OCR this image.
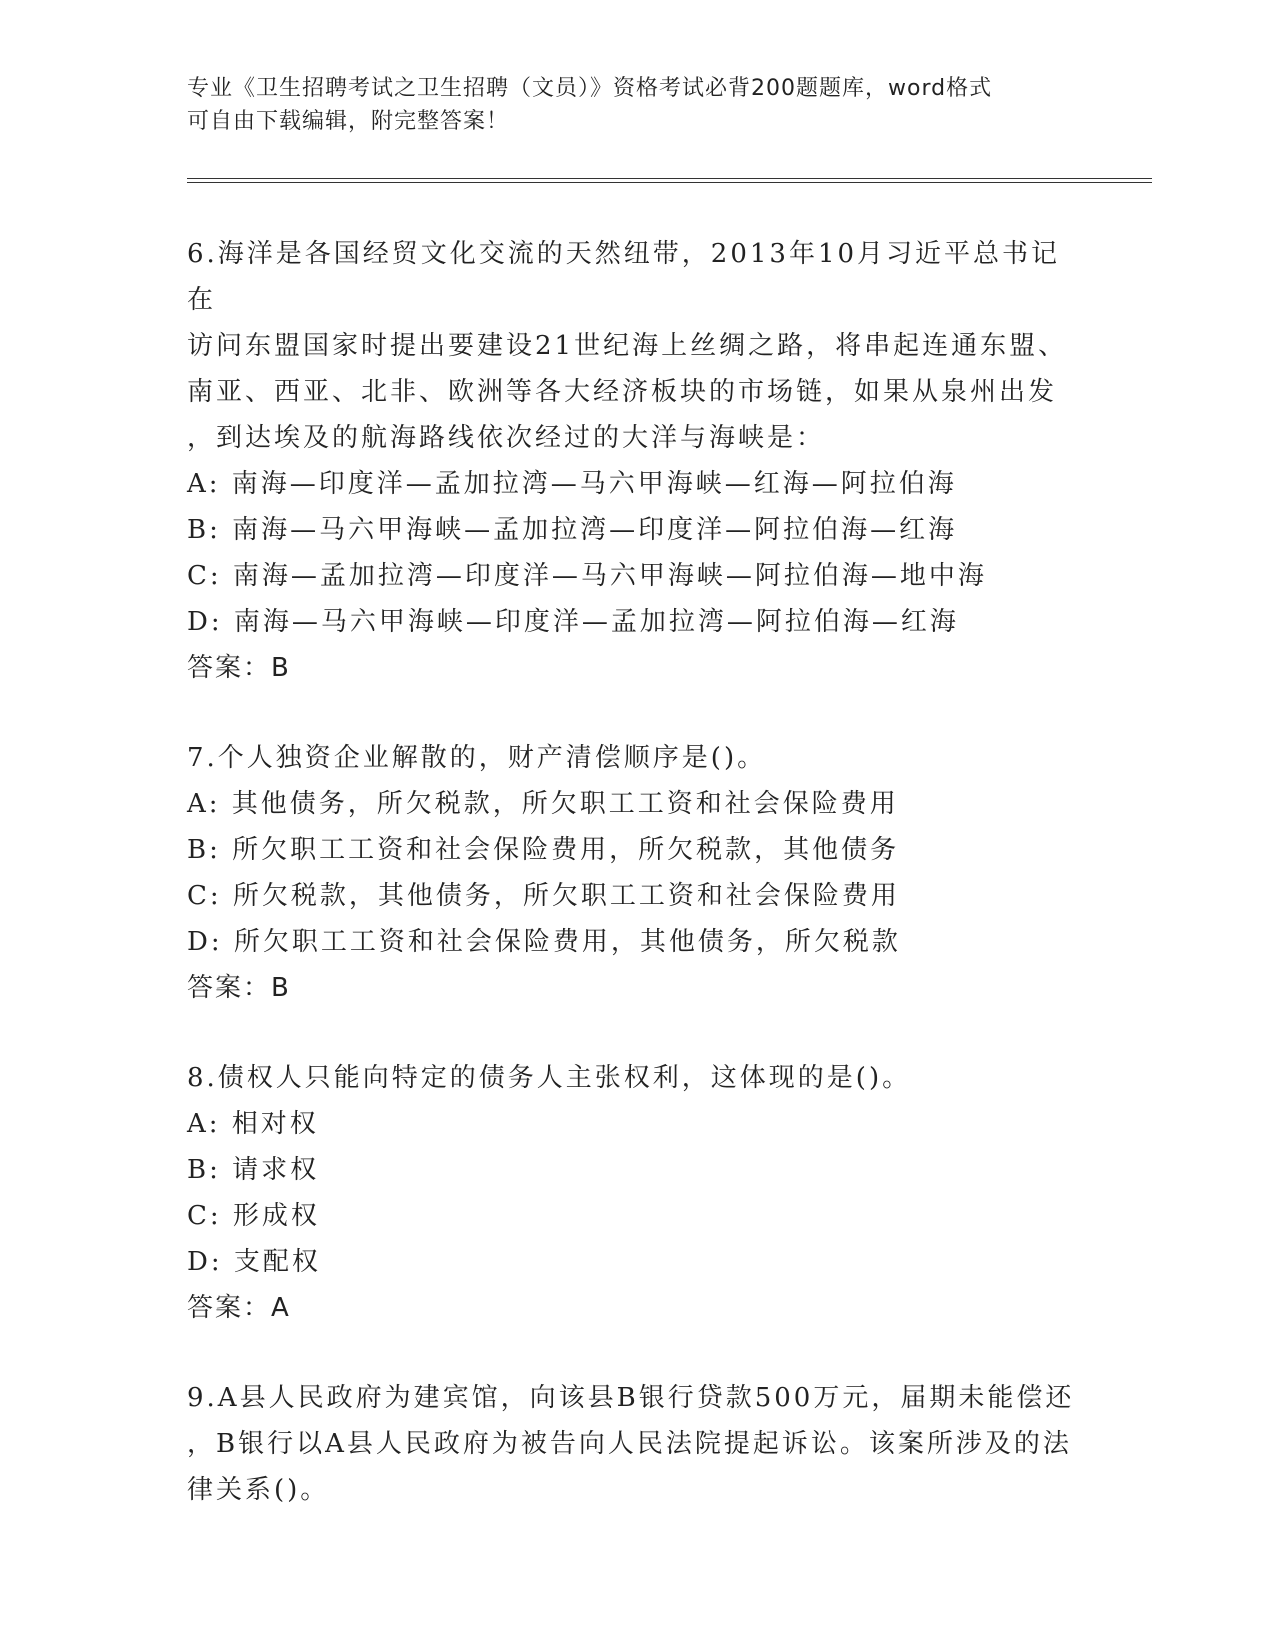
专业《卫生招聘考试之卫生招聘（文员）》资格考试必背200题题库，word格式
可自由下载编辑，附完整答案！
6.海洋是各国经贸文化交流的天然纽带，2013年10月习近平总书记在
访问东盟国家时提出要建设21世纪海上丝绸之路，将串起连通东盟、
南亚、西亚、北非、欧洲等各大经济板块的市场链，如果从泉州出发
，到达埃及的航海路线依次经过的大洋与海峡是：
A: 南海—印度洋—孟加拉湾—马六甲海峡—红海—阿拉伯海
B: 南海—马六甲海峡—孟加拉湾—印度洋—阿拉伯海—红海
C: 南海—孟加拉湾—印度洋—马六甲海峡—阿拉伯海—地中海
D: 南海—马六甲海峡—印度洋—孟加拉湾—阿拉伯海—红海
答案：B
7.个人独资企业解散的，财产清偿顺序是()。
A: 其他债务，所欠税款，所欠职工工资和社会保险费用
B: 所欠职工工资和社会保险费用，所欠税款，其他债务
C: 所欠税款，其他债务，所欠职工工资和社会保险费用
D: 所欠职工工资和社会保险费用，其他债务，所欠税款
答案：B
8.债权人只能向特定的债务人主张权利，这体现的是()。
A: 相对权
B: 请求权
C: 形成权
D: 支配权
答案：A
9.A县人民政府为建宾馆，向该县B银行贷款500万元，届期未能偿还
，B银行以A县人民政府为被告向人民法院提起诉讼。该案所涉及的法
律关系()。
